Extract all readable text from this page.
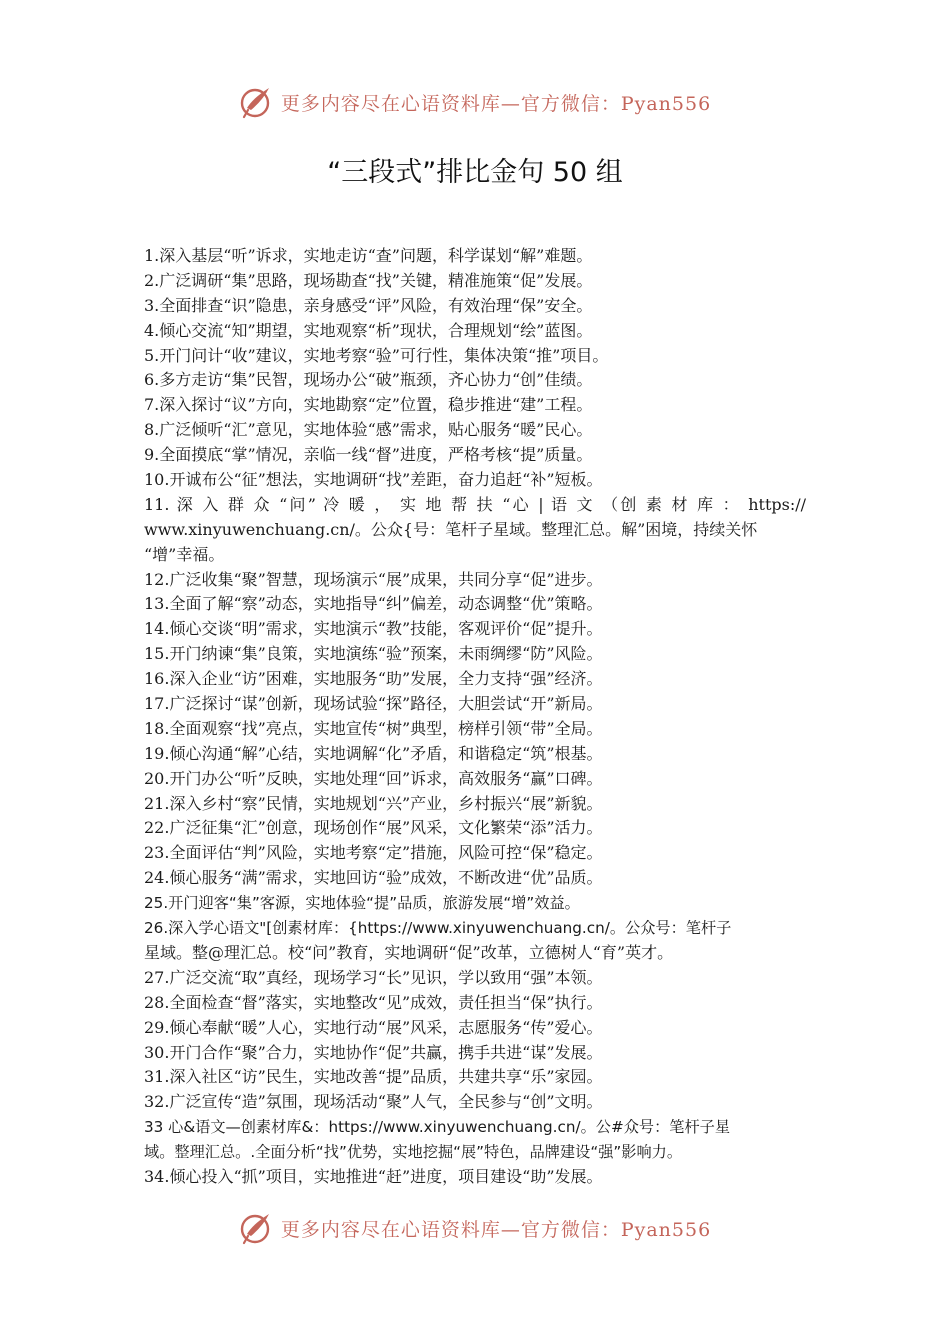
更多内容尽在心语资料库—官方微信：Pyan556
“三段式”排比金句 50 组
1.深入基层“听”诉求，实地走访“查”问题，科学谋划“解”难题。
2.广泛调研“集”思路，现场勘查“找”关键，精准施策“促”发展。
3.全面排查“识”隐患，亲身感受“评”风险，有效治理“保”安全。
4.倾心交流“知”期望，实地观察“析”现状，合理规划“绘”蓝图。
5.开门问计“收”建议，实地考察“验”可行性，集体决策“推”项目。
6.多方走访“集”民智，现场办公“破”瓶颈，齐心协力“创”佳绩。
7.深入探讨“议”方向，实地勘察“定”位置，稳步推进“建”工程。
8.广泛倾听“汇”意见，实地体验“感”需求，贴心服务“暖”民心。
9.全面摸底“掌”情况，亲临一线“督”进度，严格考核“提”质量。
10.开诚布公“征”想法，实地调研“找”差距，奋力追赶“补”短板。
11. 深 入 群 众 “问” 冷 暖 ， 实 地 帮 扶 “心 | 语 文 （创 素 材 库 ： https://
www.xinyuwenchuang.cn/。公众{号：笔杆子星域。整理汇总。解”困境，持续关怀
“增”幸福。
12.广泛收集“聚”智慧，现场演示“展”成果，共同分享“促”进步。
13.全面了解“察”动态，实地指导“纠”偏差，动态调整“优”策略。
14.倾心交谈“明”需求，实地演示“教”技能，客观评价“促”提升。
15.开门纳谏“集”良策，实地演练“验”预案，未雨绸缪“防”风险。
16.深入企业“访”困难，实地服务“助”发展，全力支持“强”经济。
17.广泛探讨“谋”创新，现场试验“探”路径，大胆尝试“开”新局。
18.全面观察“找”亮点，实地宣传“树”典型，榜样引领“带”全局。
19.倾心沟通“解”心结，实地调解“化”矛盾，和谐稳定“筑”根基。
20.开门办公“听”反映，实地处理“回”诉求，高效服务“赢”口碑。
21.深入乡村“察”民情，实地规划“兴”产业，乡村振兴“展”新貌。
22.广泛征集“汇”创意，现场创作“展”风采，文化繁荣“添”活力。
23.全面评估“判”风险，实地考察“定”措施，风险可控“保”稳定。
24.倾心服务“满”需求，实地回访“验”成效，不断改进“优”品质。
25.开门迎客“集”客源，实地体验“提”品质，旅游发展“增”效益。
26.深入学心语文"[创素材库：{https://www.xinyuwenchuang.cn/。公众号：笔杆子
星域。整@理汇总。校“问”教育，实地调研“促”改革，立德树人“育”英才。
27.广泛交流“取”真经，现场学习“长”见识，学以致用“强”本领。
28.全面检查“督”落实，实地整改“见”成效，责任担当“保”执行。
29.倾心奉献“暖”人心，实地行动“展”风采，志愿服务“传”爱心。
30.开门合作“聚”合力，实地协作“促”共赢，携手共进“谋”发展。
31.深入社区“访”民生，实地改善“提”品质，共建共享“乐”家园。
32.广泛宣传“造”氛围，现场活动“聚”人气，全民参与“创”文明。
33 心&语文—创素材库&：https://www.xinyuwenchuang.cn/。公#众号：笔杆子星
域。整理汇总。.全面分析“找”优势，实地挖掘“展”特色，品牌建设“强”影响力。
34.倾心投入“抓”项目，实地推进“赶”进度，项目建设“助”发展。
更多内容尽在心语资料库—官方微信：Pyan556
